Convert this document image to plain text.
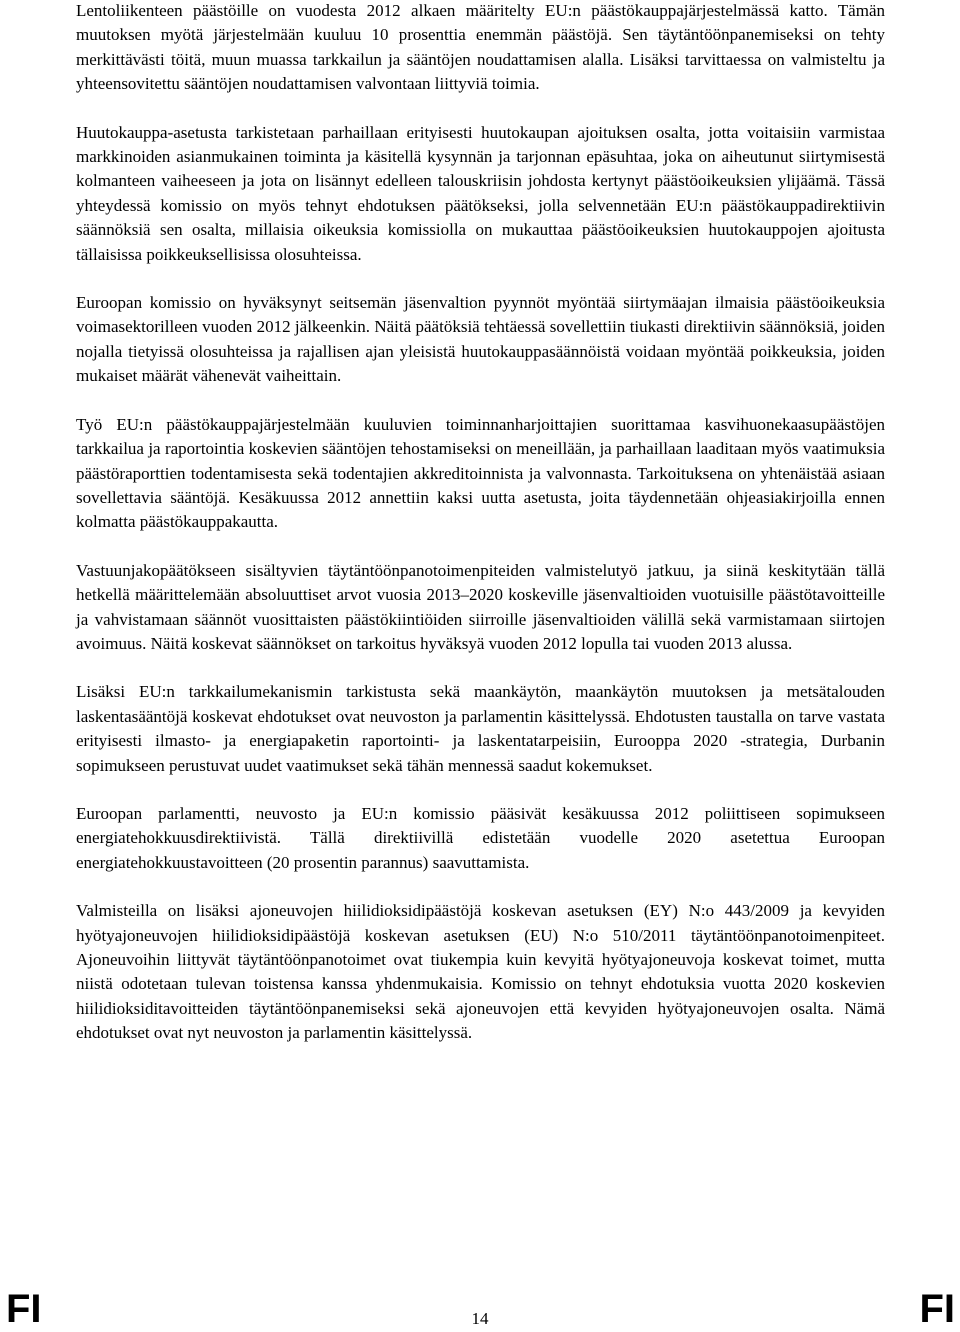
Lentoliikenteen päästöille on vuodesta 2012 alkaen määritelty EU:n päästökauppajärjestelmässä katto. Tämän muutoksen myötä järjestelmään kuuluu 10 prosenttia enemmän päästöjä. Sen täytäntöönpanemiseksi on tehty merkittävästi töitä, muun muassa tarkkailun ja sääntöjen noudattamisen alalla. Lisäksi tarvittaessa on valmisteltu ja yhteensovitettu sääntöjen noudattamisen valvontaan liittyviä toimia.

Huutokauppa-asetusta tarkistetaan parhaillaan erityisesti huutokaupan ajoituksen osalta, jotta voitaisiin varmistaa markkinoiden asianmukainen toiminta ja käsitellä kysynnän ja tarjonnan epäsuhtaa, joka on aiheutunut siirtymisestä kolmanteen vaiheeseen ja jota on lisännyt edelleen talouskriisin johdosta kertynyt päästöoikeuksien ylijäämä. Tässä yhteydessä komissio on myös tehnyt ehdotuksen päätökseksi, jolla selvennetään EU:n päästökauppadirektiivin säännöksiä sen osalta, millaisia oikeuksia komissiolla on mukauttaa päästöoikeuksien huutokauppojen ajoitusta tällaisissa poikkeuksellisissa olosuhteissa.

Euroopan komissio on hyväksynyt seitsemän jäsenvaltion pyynnöt myöntää siirtymäajan ilmaisia päästöoikeuksia voimasektorilleen vuoden 2012 jälkeenkin. Näitä päätöksiä tehtäessä sovellettiin tiukasti direktiivin säännöksiä, joiden nojalla tietyissä olosuhteissa ja rajallisen ajan yleisistä huutokauppasäännöistä voidaan myöntää poikkeuksia, joiden mukaiset määrät vähenevät vaiheittain.

Työ EU:n päästökauppajärjestelmään kuuluvien toiminnanharjoittajien suorittamaa kasvihuonekaasupäästöjen tarkkailua ja raportointia koskevien sääntöjen tehostamiseksi on meneillään, ja parhaillaan laaditaan myös vaatimuksia päästöraporttien todentamisesta sekä todentajien akkreditoinnista ja valvonnasta. Tarkoituksena on yhtenäistää asiaan sovellettavia sääntöjä. Kesäkuussa 2012 annettiin kaksi uutta asetusta, joita täydennetään ohjeasiakirjoilla ennen kolmatta päästökauppakautta.

Vastuunjakopäätökseen sisältyvien täytäntöönpanotoimenpiteiden valmistelutyö jatkuu, ja siinä keskitytään tällä hetkellä määrittelemään absoluuttiset arvot vuosia 2013–2020 koskeville jäsenvaltioiden vuotuisille päästötavoitteille ja vahvistamaan säännöt vuosittaisten päästökiintiöiden siirroille jäsenvaltioiden välillä sekä varmistamaan siirtojen avoimuus. Näitä koskevat säännökset on tarkoitus hyväksyä vuoden 2012 lopulla tai vuoden 2013 alussa.

Lisäksi EU:n tarkkailumekanismin tarkistusta sekä maankäytön, maankäytön muutoksen ja metsätalouden laskentasääntöjä koskevat ehdotukset ovat neuvoston ja parlamentin käsittelyssä. Ehdotusten taustalla on tarve vastata erityisesti ilmasto- ja energiapaketin raportointi- ja laskentatarpeisiin, Eurooppa 2020 -strategia, Durbanin sopimukseen perustuvat uudet vaatimukset sekä tähän mennessä saadut kokemukset.

Euroopan parlamentti, neuvosto ja EU:n komissio pääsivät kesäkuussa 2012 poliittiseen sopimukseen energiatehokkuusdirektiivistä. Tällä direktiivillä edistetään vuodelle 2020 asetettua Euroopan energiatehokkuustavoitteen (20 prosentin parannus) saavuttamista.

Valmisteilla on lisäksi ajoneuvojen hiilidioksidipäästöjä koskevan asetuksen (EY) N:o 443/2009 ja kevyiden hyötyajoneuvojen hiilidioksidipäästöjä koskevan asetuksen (EU) N:o 510/2011 täytäntöönpanotoimenpiteet. Ajoneuvoihin liittyvät täytäntöönpanotoimet ovat tiukempia kuin kevyitä hyötyajoneuvoja koskevat toimet, mutta niistä odotetaan tulevan toistensa kanssa yhdenmukaisia. Komissio on tehnyt ehdotuksia vuotta 2020 koskevien hiilidioksiditavoitteiden täytäntöönpanemiseksi sekä ajoneuvojen että kevyiden hyötyajoneuvojen osalta. Nämä ehdotukset ovat nyt neuvoston ja parlamentin käsittelyssä.

FI	14	FI
